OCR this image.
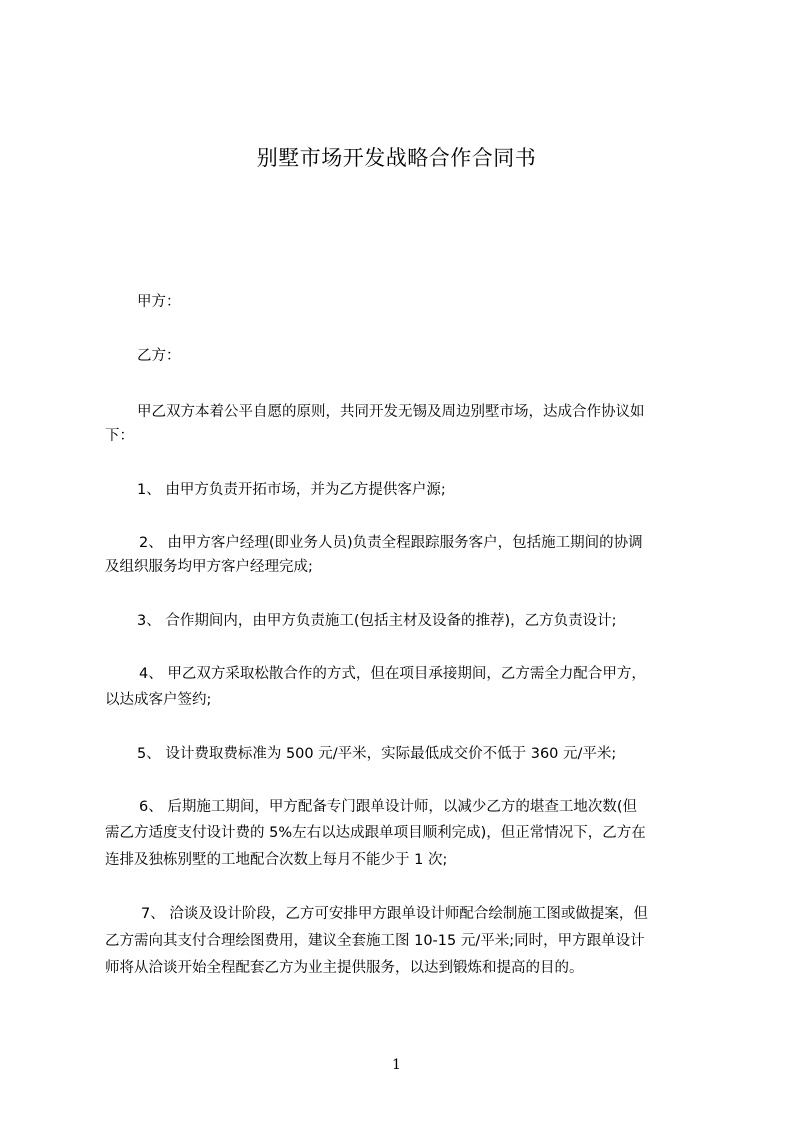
别墅市场开发战略合作合同书
甲方：
乙方：
甲乙双方本着公平自愿的原则，共同开发无锡及周边别墅市场，达成合作协议如
下：
1、 由甲方负责开拓市场，并为乙方提供客户源;
2、 由甲方客户经理(即业务人员)负责全程跟踪服务客户，包括施工期间的协调
及组织服务均甲方客户经理完成;
3、 合作期间内，由甲方负责施工(包括主材及设备的推荐)，乙方负责设计;
4、 甲乙双方采取松散合作的方式，但在项目承接期间，乙方需全力配合甲方，
以达成客户签约;
5、 设计费取费标准为 500 元/平米，实际最低成交价不低于 360 元/平米;
6、 后期施工期间，甲方配备专门跟单设计师，以减少乙方的堪查工地次数(但
需乙方适度支付设计费的 5%左右以达成跟单项目顺利完成)，但正常情况下，乙方在
连排及独栋别墅的工地配合次数上每月不能少于 1 次;
7、 洽谈及设计阶段，乙方可安排甲方跟单设计师配合绘制施工图或做提案，但
乙方需向其支付合理绘图费用，建议全套施工图 10-15 元/平米;同时，甲方跟单设计
师将从洽谈开始全程配套乙方为业主提供服务，以达到锻炼和提高的目的。
1
